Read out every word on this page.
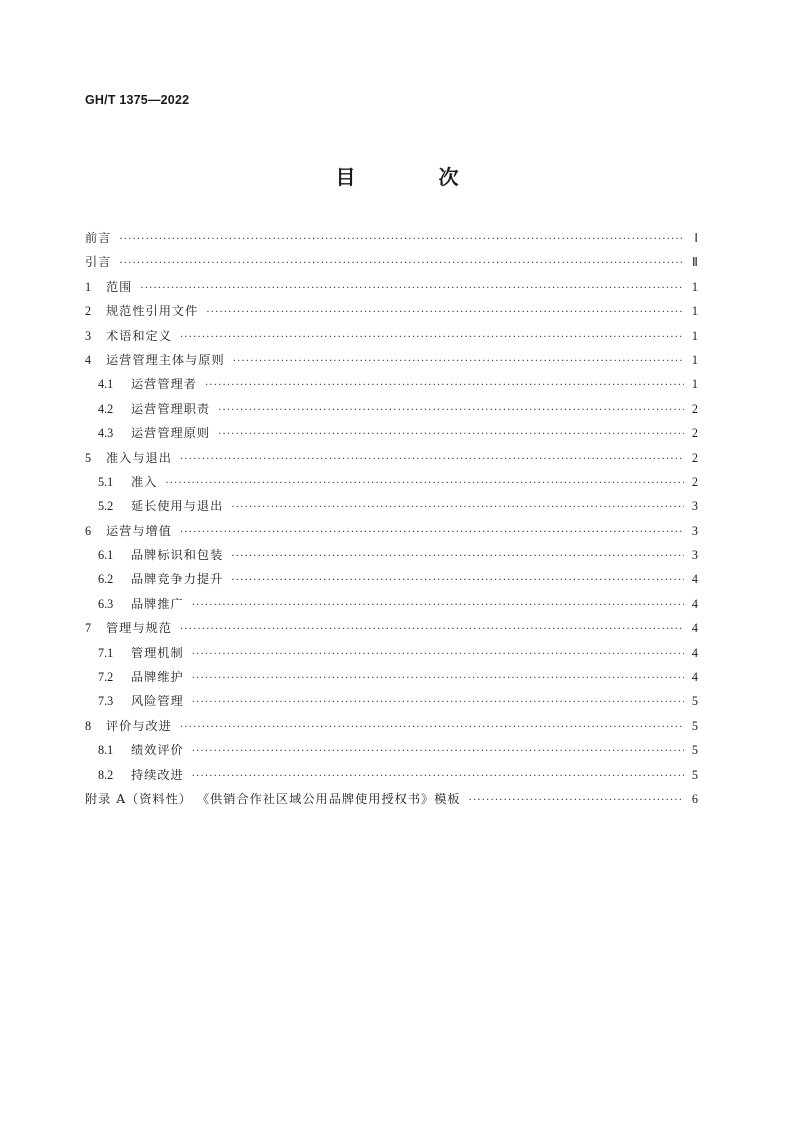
GH/T 1375—2022
目 次
前言 ·····	Ⅰ
引言 ·····	Ⅱ
1	范围 ·····	1
2	规范性引用文件 ·····	1
3	术语和定义 ·····	1
4	运营管理主体与原则 ·····	1
4.1	运营管理者 ·····	1
4.2	运营管理职责 ·····	2
4.3	运营管理原则 ·····	2
5	准入与退出 ·····	2
5.1	准入 ·····	2
5.2	延长使用与退出 ·····	3
6	运营与增值 ·····	3
6.1	品牌标识和包装 ·····	3
6.2	品牌竞争力提升 ·····	4
6.3	品牌推广 ·····	4
7	管理与规范 ·····	4
7.1	管理机制 ·····	4
7.2	品牌维护 ·····	4
7.3	风险管理 ·····	5
8	评价与改进 ·····	5
8.1	绩效评价 ·····	5
8.2	持续改进 ·····	5
附录 A（资料性） 《供销合作社区域公用品牌使用授权书》模板 ·····	6
